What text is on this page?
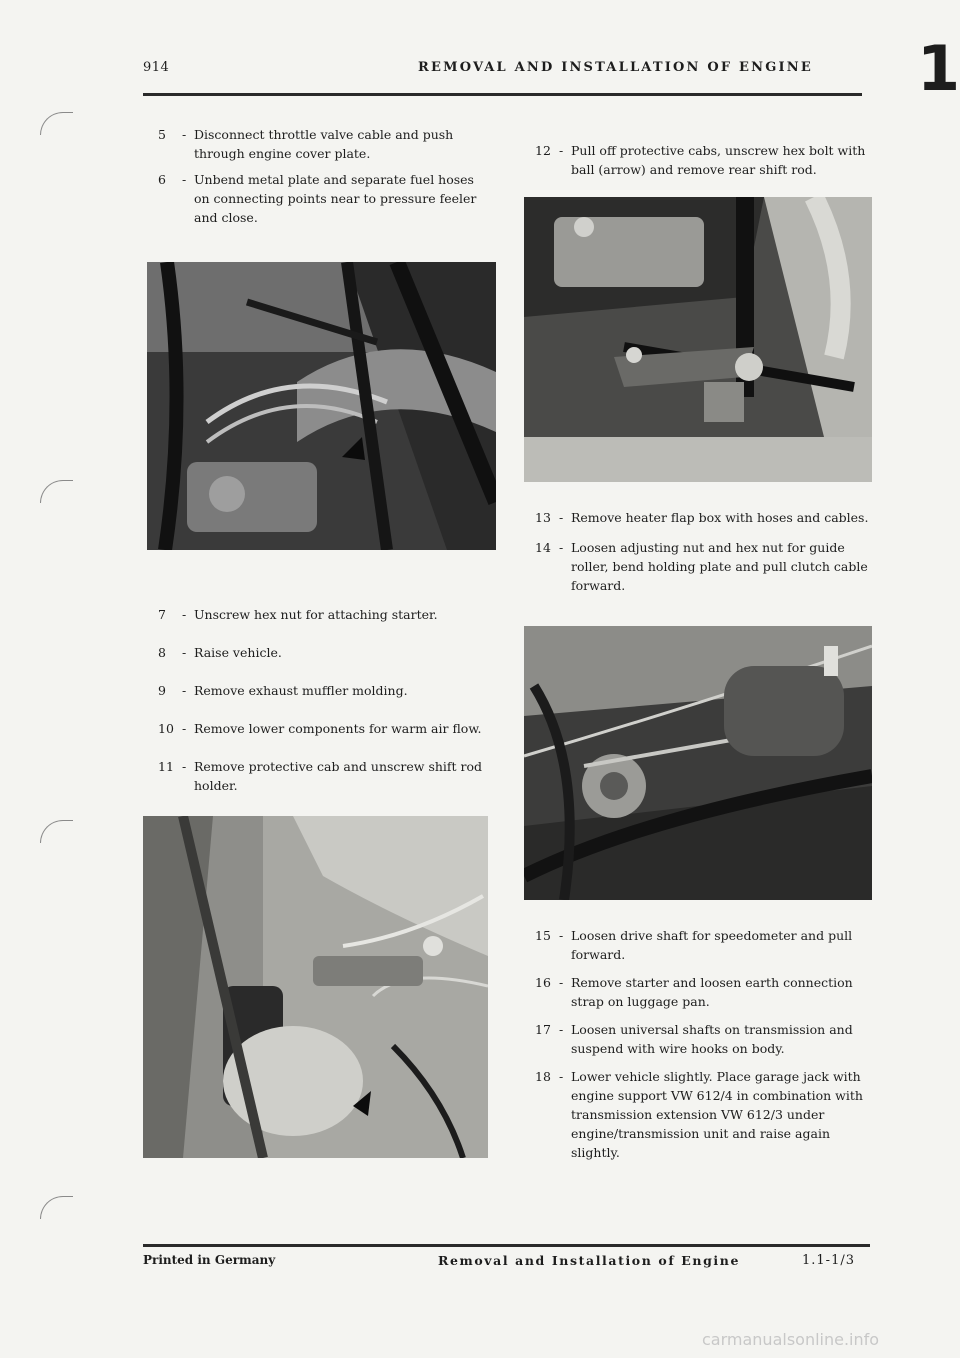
914	REMOVAL AND INSTALLATION OF ENGINE 1
5	- Disconnect throttle valve cable and push through engine cover plate.
6	- Unbend metal plate and separate fuel hoses on connecting points near to pressure feeler and close.
7	- Unscrew hex nut for attaching starter.
8	- Raise vehicle.
9	- Remove exhaust muffler molding.
10 - Remove lower components for warm air flow.
11 - Remove protective cab and unscrew shift rod holder.
12 - Pull off protective cabs, unscrew hex bolt with ball (arrow) and remove rear shift rod.
13 - Remove heater flap box with hoses and cables.
14 - Loosen adjusting nut and hex nut for guide roller, bend holding plate and pull clutch cable forward.
15 - Loosen drive shaft for speedometer and pull forward.
16 - Remove starter and loosen earth connection strap on luggage pan.
17 - Loosen universal shafts on transmission and suspend with wire hooks on body.
18 - Lower vehicle slightly. Place garage jack with engine support VW 612/4 in combination with transmission extension VW 612/3 under engine/transmission unit and raise again slightly.
Printed in Germany	Removal and Installation of Engine	1.1-1/3
carmanualsonline.info
